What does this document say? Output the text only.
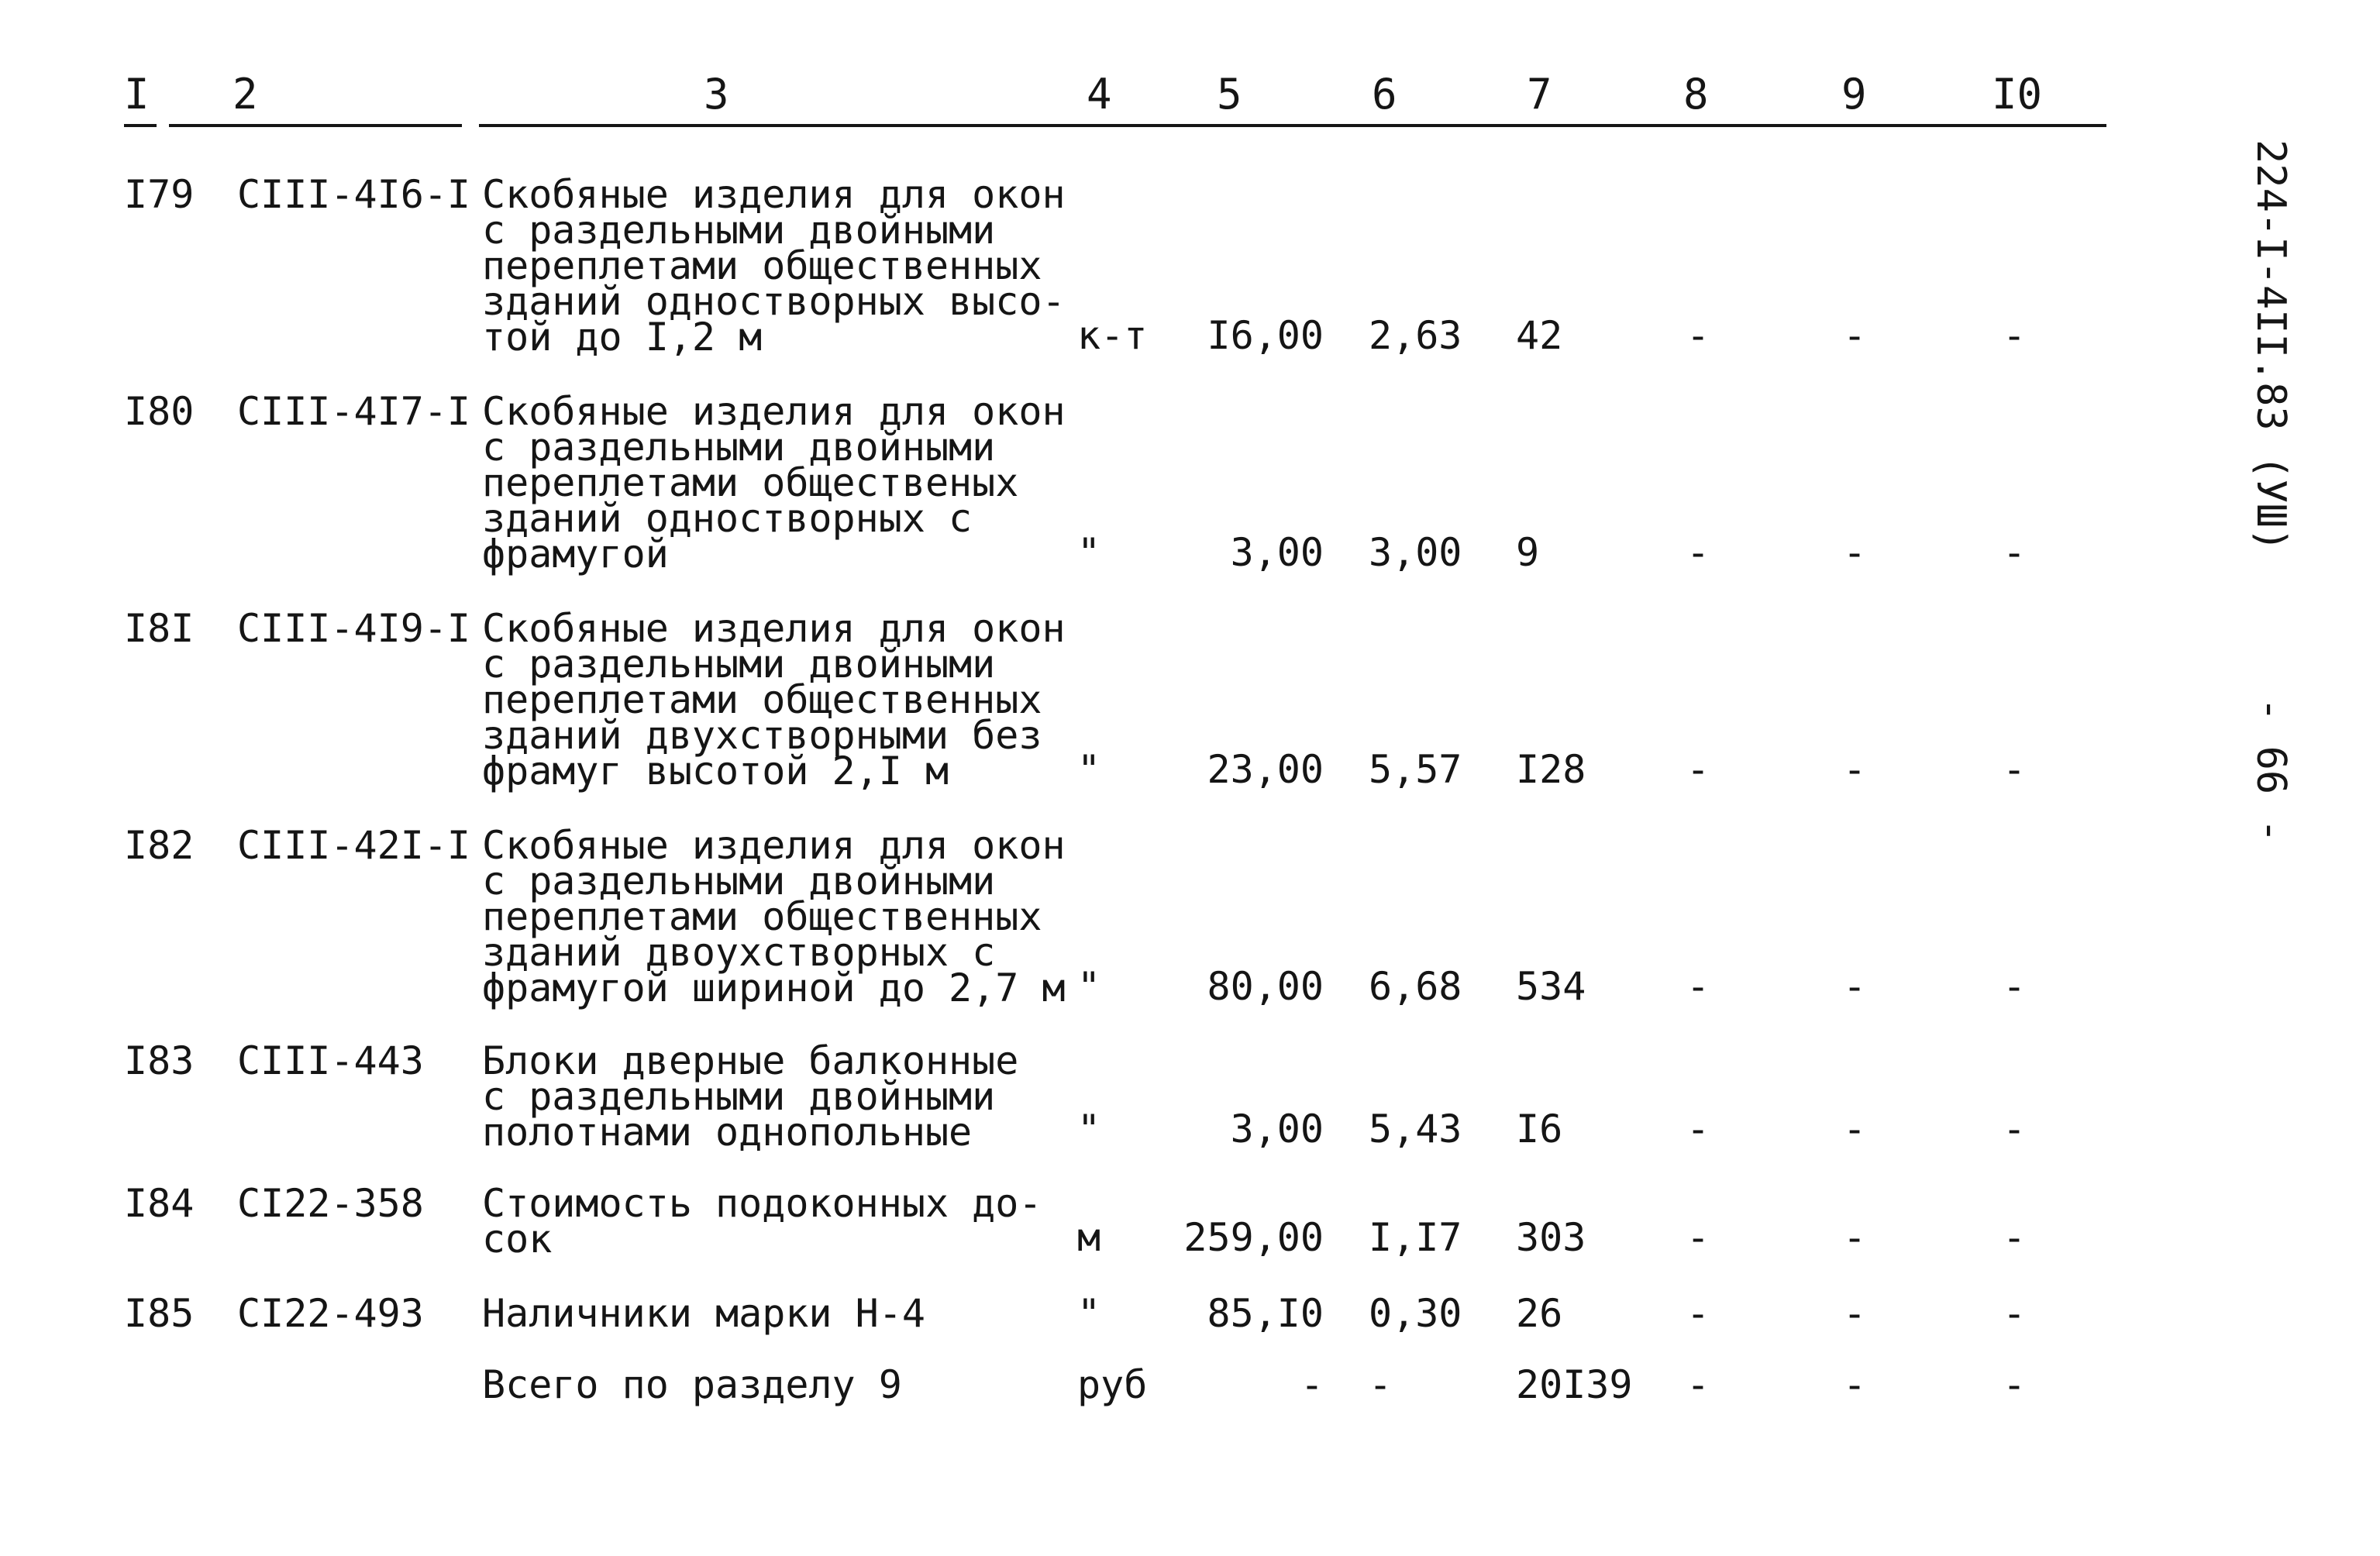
I 2	3	4	5	6	7	8	9	I0
I79 CIII-4I6-I Скобяные изделия для окон
с раздельными двойными
переплетами общественных
зданий одностворных высо-
той до I,2 м	к-т	I6,00 2,63 42	-	-	-
I80 CIII-4I7-I Скобяные изделия для окон
с раздельными двойными
переплетами общественых
зданий одностворных с
фрамугой	"	3,00 3,00 9	-	-	-
I8I CIII-4I9-I Скобяные изделия для окон
с раздельными двойными
переплетами общественных
зданий двухстворными без
фрамуг высотой 2,I м	"	23,00 5,57 I28	-	-	-
I82 CIII-42I-I Скобяные изделия для окон
с раздельными двойными
переплетами общественных
зданий двоухстворных с
фрамугой шириной до 2,7 м "	80,00 6,68 534	-	-	-
I83 CIII-443 Блоки дверные балконные
с раздельными двойными
полотнами однопольные	"	3,00 5,43 I6	-	-	-
I84 CI22-358 Стоимость подоконных до-
сок	м 259,00 I,I7 303	-	-	-
I85 CI22-493 Наличники марки Н-4	"	85,I0 0,30 26	-	-	-
Всего по разделу 9	руб	- -	20I39 -	-	-
224-I-4II.83 (УШ)
- 66 -
